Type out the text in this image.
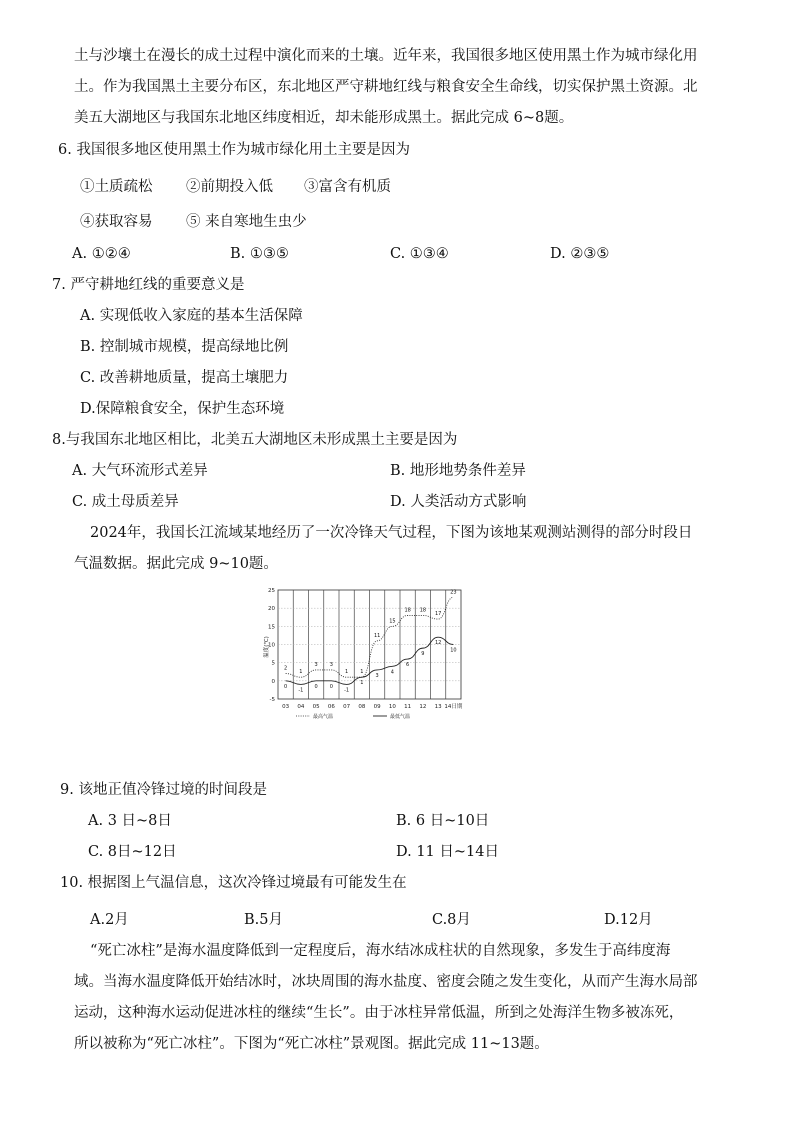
土与沙壤土在漫长的成土过程中演化而来的土壤。近年来，我国很多地区使用黑土作为城市绿化用
土。作为我国黑土主要分布区，东北地区严守耕地红线与粮食安全生命线，切实保护黑土资源。北
美五大湖地区与我国东北地区纬度相近，却未能形成黑土。据此完成 6~8题。
6. 我国很多地区使用黑土作为城市绿化用土主要是因为
①土质疏松 ②前期投入低 ③富含有机质
④获取容易 ⑤ 来自寒地生虫少
A. ①②④	B. ①③⑤	C. ①③④	D. ②③⑤
7. 严守耕地红线的重要意义是
A. 实现低收入家庭的基本生活保障
B. 控制城市规模，提高绿地比例
C. 改善耕地质量，提高土壤肥力
D.保障粮食安全，保护生态环境
8.与我国东北地区相比，北美五大湖地区未形成黑土主要是因为
A. 大气环流形式差异	B. 地形地势条件差异
C. 成土母质差异	D. 人类活动方式影响
2024年，我国长江流域某地经历了一次冷锋天气过程，下图为该地某观测站测得的部分时段日
气温数据。据此完成 9~10题。
-5
0
5
10
15
20
25
温度(℃)
03 04 05 06 07 08 09 10 11 12 13 14日期
2
1
3 3
1 1
11
15
18 18
17
23
0
-1
0 0
-1
1
3
4
6
9
12
10
最高气温	最低气温
9. 该地正值冷锋过境的时间段是
A. 3 日~8日	B. 6 日~10日
C. 8日~12日	D. 11 日~14日
10. 根据图上气温信息，这次冷锋过境最有可能发生在
A.2月	B.5月	C.8月	D.12月
“死亡冰柱”是海水温度降低到一定程度后，海水结冰成柱状的自然现象，多发生于高纬度海
域。当海水温度降低开始结冰时，冰块周围的海水盐度、密度会随之发生变化，从而产生海水局部
运动，这种海水运动促进冰柱的继续“生长”。由于冰柱异常低温，所到之处海洋生物多被冻死，
所以被称为“死亡冰柱”。下图为“死亡冰柱”景观图。据此完成 11~13题。
